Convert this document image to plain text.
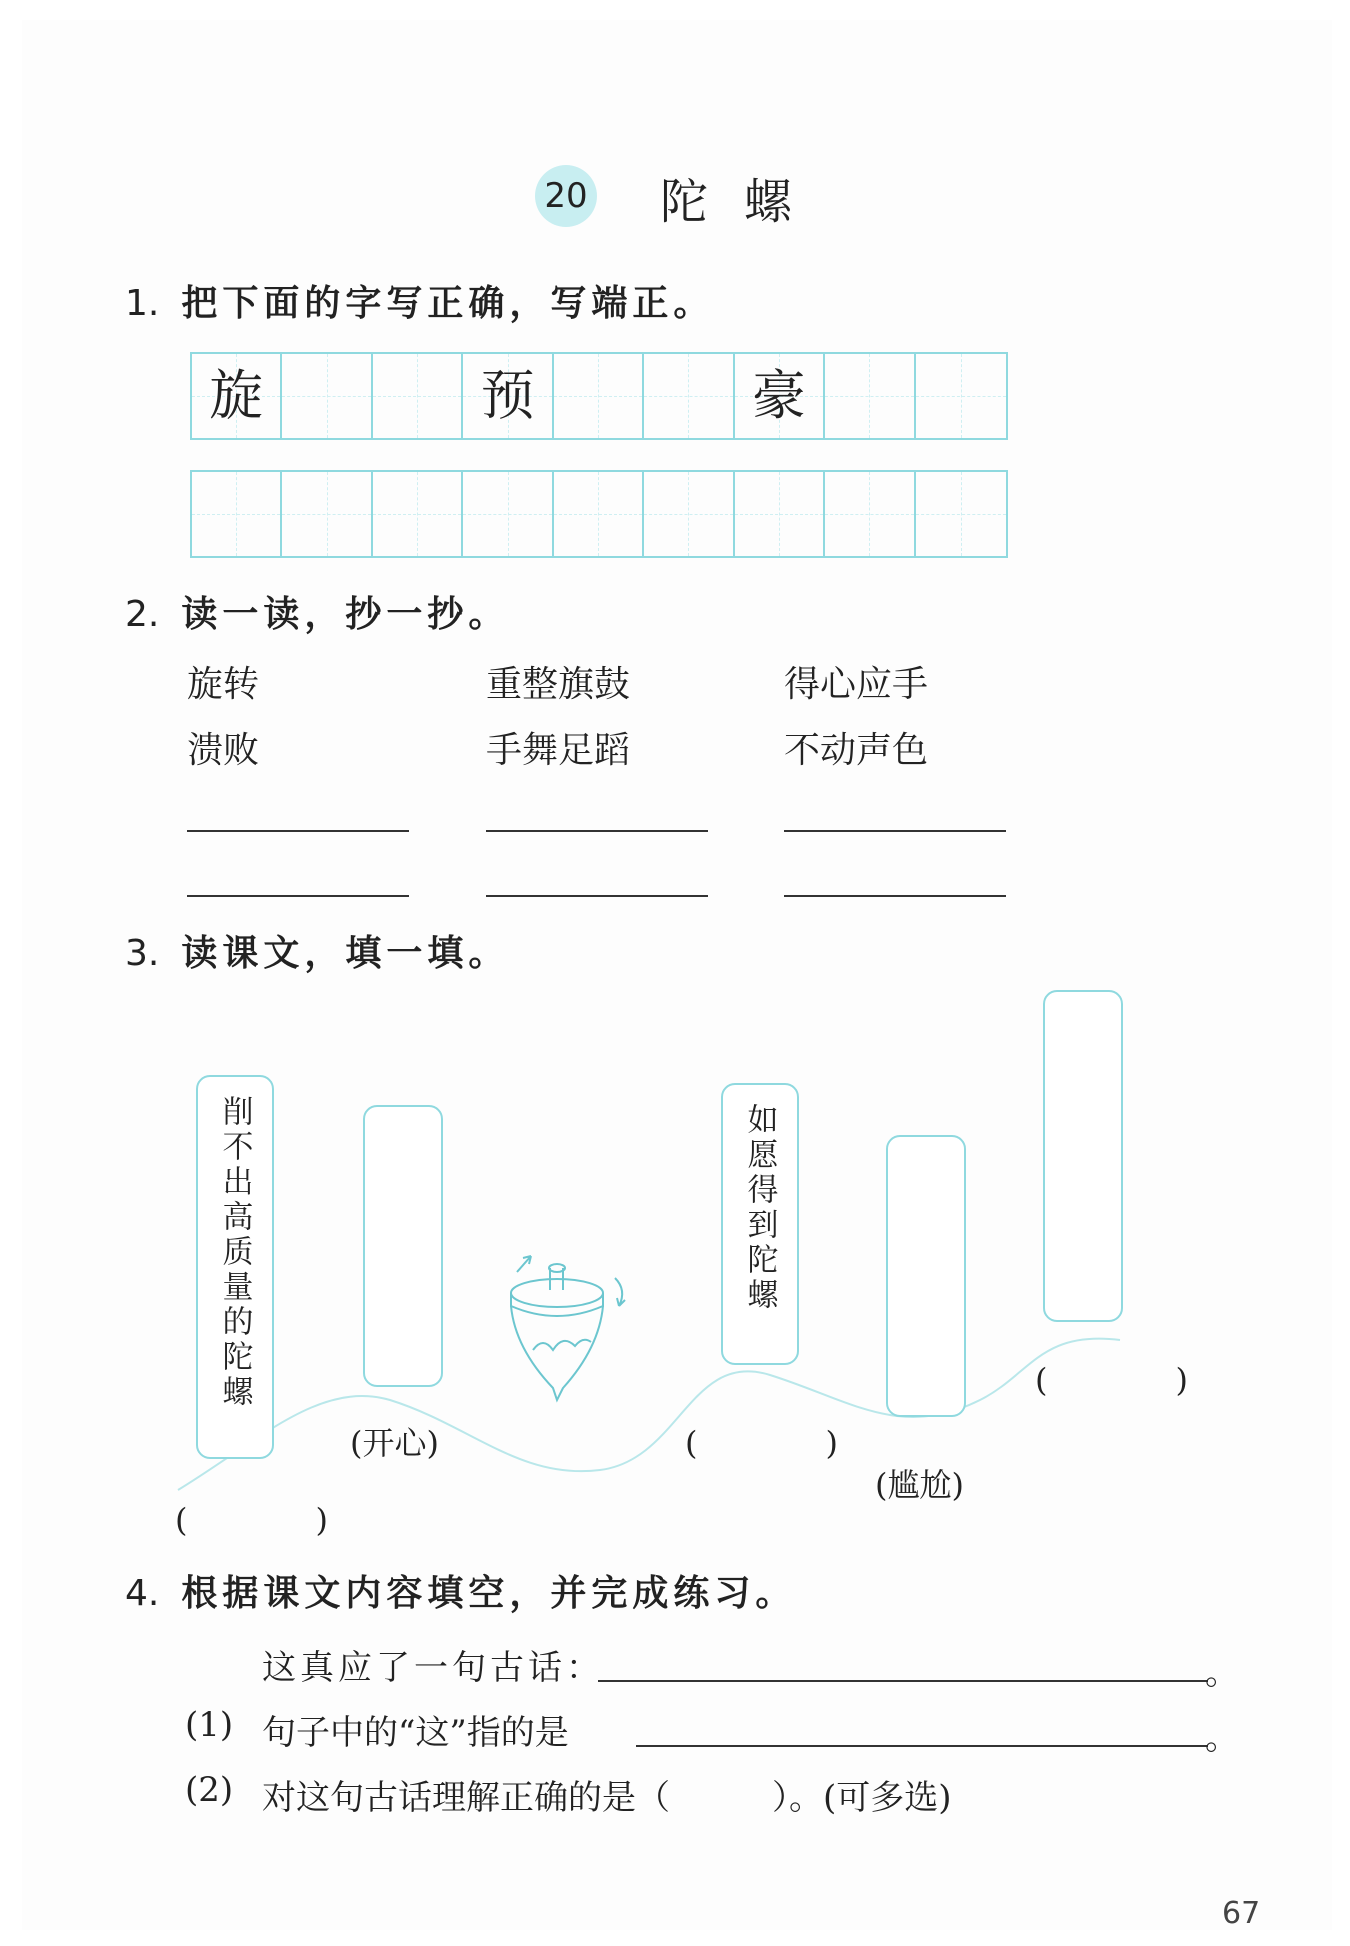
20 陀螺
1. 把下面的字写正确，写端正。
旋	预	豪
2. 读一读，抄一抄。
旋转	重整旗鼓	得心应手
溃败	手舞足蹈	不动声色
3. 读课文，填一填。
削不出高质量的陀螺	如愿得到陀螺
(开心)
(尴尬)
(　　　　)
(　　　　)
(　　　　)
4. 根据课文内容填空，并完成练习。
这真应了一句古话：	。
(1) 句子中的“这”指的是	。
(2) 对这句古话理解正确的是（　　　）。(可多选)
67
